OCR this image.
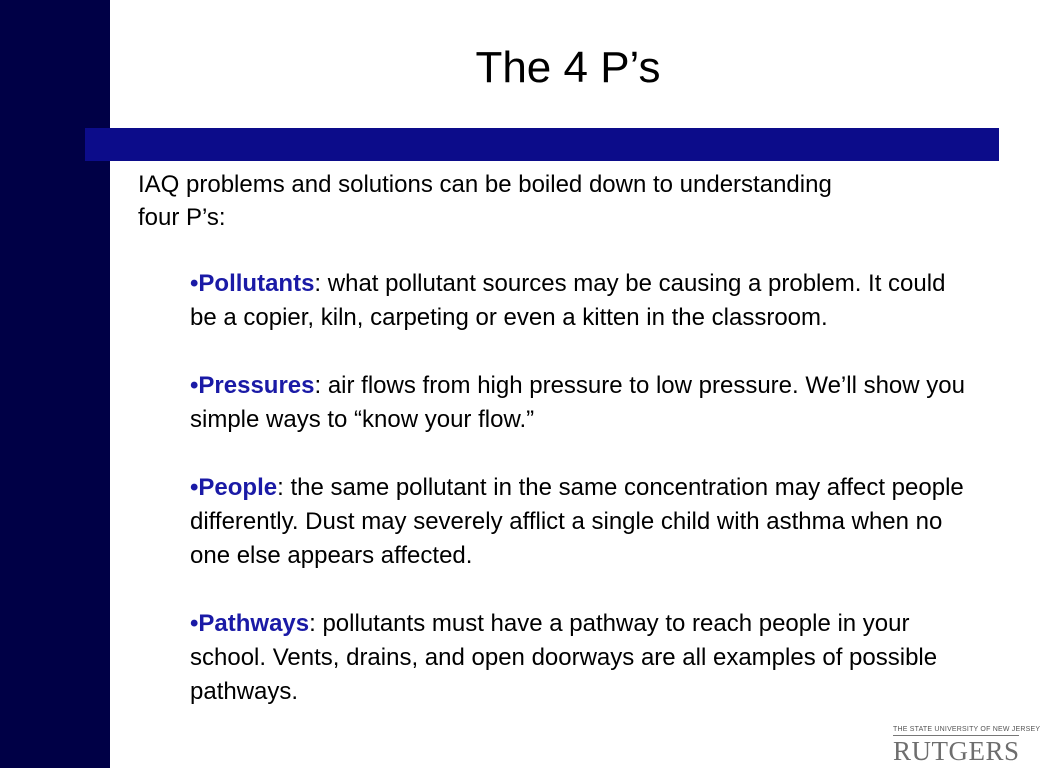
The 4 P’s

IAQ problems and solutions can be boiled down to understanding four P’s:

•Pollutants: what pollutant sources may be causing a problem. It could be a copier, kiln, carpeting or even a kitten in the classroom.
•Pressures: air flows from high pressure to low pressure. We’ll show you simple ways to “know your flow.”
•People: the same pollutant in the same concentration may affect people differently. Dust may severely afflict a single child with asthma when no one else appears affected.
•Pathways: pollutants must have a pathway to reach people in your school. Vents, drains, and open doorways are all examples of possible pathways.
THE STATE UNIVERSITY OF NEW JERSEY
RUTGERS
